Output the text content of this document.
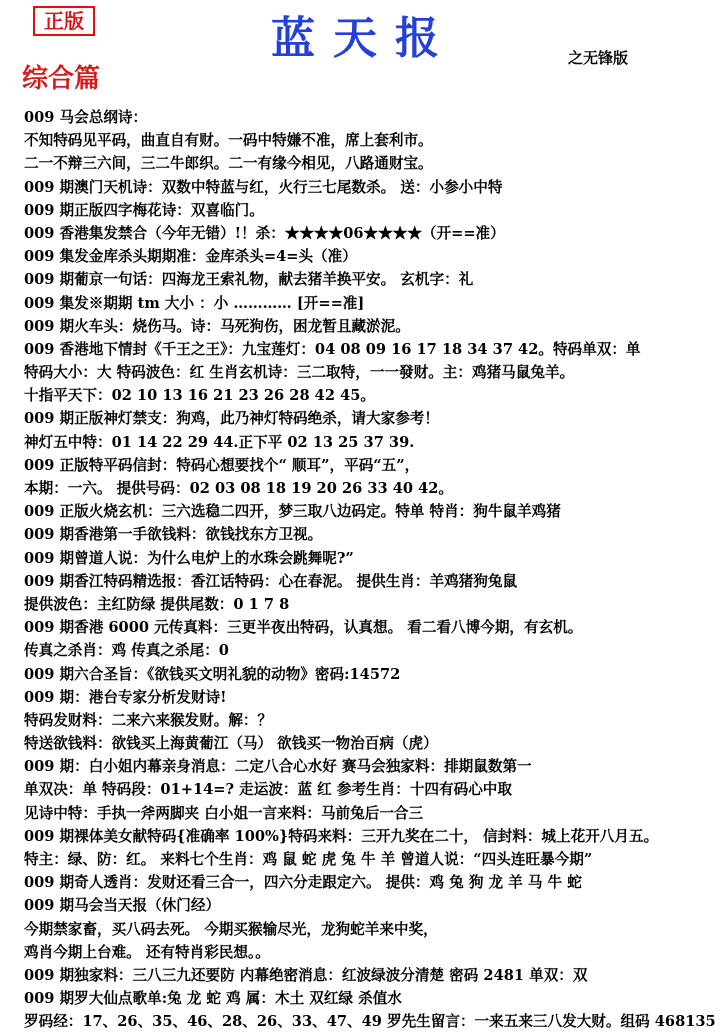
正版	蓝天报	之无锋版
综合篇
009 马会总纲诗：
不知特码见平码，曲直自有财。一码中特嫌不准，席上套利市。
二一不辩三六间，三二牛郎织。二一有缘今相见，八路通财宝。
009 期澳门天机诗：双数中特蓝与红，火行三七尾数杀。 送：小参小中特
009 期正版四字梅花诗：双喜临门。
009 香港集发禁合（今年无错）!！杀：★★★★06★★★★（开==准）
009 集发金库杀头期期准：金库杀头=4=头（准）
009 期葡京一句话：四海龙王索礼物，献去猪羊换平安。 玄机字：礼
009 集发※期期 tm 大小 ：小 ………… [开==准]
009 期火车头：烧伤马。诗：马死狗伤，困龙暂且藏淤泥。
009 香港地下情封《千王之王》：九宝莲灯：04 08 09 16 17 18 34 37 42。特码单双：单
特码大小：大 特码波色：红 生肖玄机诗：三二取特，一一發财。主：鸡猪马鼠兔羊。
十指平天下：02 10 13 16 21 23 26 28 42 45。
009 期正版神灯禁支：狗鸡，此乃神灯特码绝杀，请大家参考！
神灯五中特：01 14 22 29 44.正下平 02 13 25 37 39.
009 正版特平码信封：特码心想要找个“ 顺耳”，平码“五”，
本期：一六。 提供号码：02 03 08 18 19 20 26 33 40 42。
009 正版火烧玄机：三六选稳二四开，梦三取八边码定。特单 特肖：狗牛鼠羊鸡猪
009 期香港第一手欲钱料：欲钱找东方卫视。
009 期曾道人说：为什么电炉上的水珠会跳舞呢?”
009 期香江特码精选报：香江话特码：心在春泥。 提供生肖：羊鸡猪狗兔鼠
提供波色：主红防绿 提供尾数：0 1 7 8
009 期香港 6000 元传真料：三更半夜出特码，认真想。 看二看八博今期，有玄机。
传真之杀肖：鸡 传真之杀尾：0
009 期六合圣旨：《欲钱买文明礼貌的动物》密码:14572
009 期：港台专家分析发财诗!
特码发财料：二来六来猴发财。解：？
特送欲钱料：欲钱买上海黄葡江（马） 欲钱买一物治百病（虎）
009 期：白小姐内幕亲身消息：二定八合心水好 赛马会独家料：排期鼠数第一
单双决：单 特码段：01+14=? 走运波：蓝 红 参考生肖：十四有码心中取
见诗中特：手执一斧两脚夹 白小姐一言来料：马前兔后一合三
009 期裸体美女献特码{准确率 100%}特码来料：三开九奖在二十， 信封料：城上花开八月五。
特主：绿、防：红。 来料七个生肖：鸡 鼠 蛇 虎 兔 牛 羊 曾道人说：“四头连旺暴今期”
009 期奇人透肖：发财还看三合一，四六分走跟定六。 提供：鸡 兔 狗 龙 羊 马 牛 蛇
009 期马会当天报（休门经）
今期禁家畜，买八码去死。 今期买猴输尽光，龙狗蛇羊来中奖，
鸡肖今期上台难。 还有特肖彩民想。。
009 期独家料：三八三九还要防 内幕绝密消息：红波绿波分清楚 密码 2481 单双：双
009 期罗大仙点歌单:兔 龙 蛇 鸡 属：木土 双红绿 杀值水
罗码经：17、26、35、46、28、26、33、47、49 罗先生留言：一来五来三八发大财。组码 468135
